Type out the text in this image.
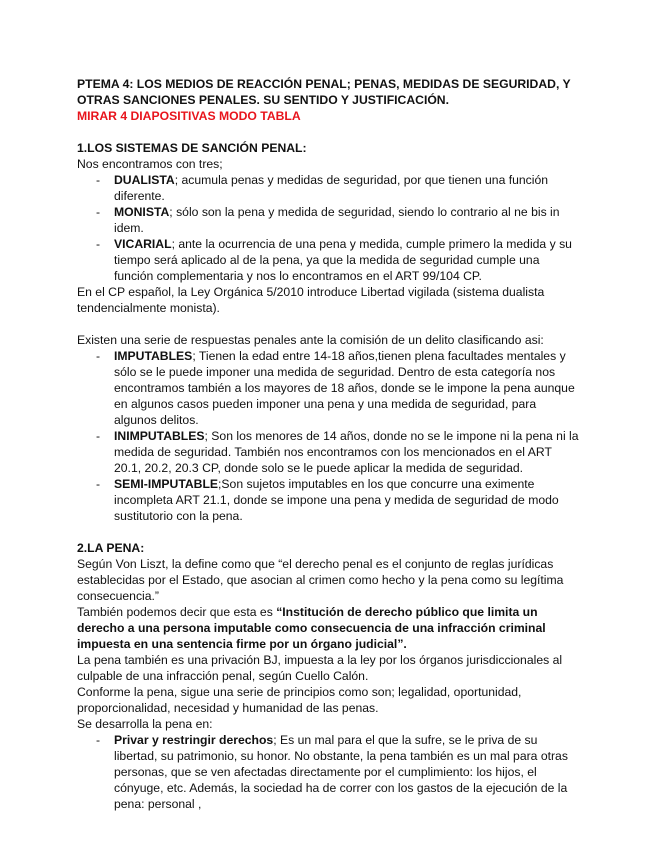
PTEMA 4: LOS MEDIOS DE REACCIÓN PENAL; PENAS, MEDIDAS DE SEGURIDAD, Y

OTRAS SANCIONES PENALES. SU SENTIDO Y JUSTIFICACIÓN.

MIRAR 4 DIAPOSITIVAS MODO TABLA

1.LOS SISTEMAS DE SANCIÓN PENAL:

Nos encontramos con tres;

- DUALISTA; acumula penas y medidas de seguridad, por que tienen una función diferente.
- MONISTA; sólo son la pena y medida de seguridad, siendo lo contrario al ne bis in idem.
- VICARIAL; ante la ocurrencia de una pena y medida, cumple primero la medida y su tiempo será aplicado al de la pena, ya que la medida de seguridad cumple una función complementaria y nos lo encontramos en el ART 99/104 CP.

En el CP español, la Ley Orgánica 5/2010 introduce Libertad vigilada (sistema dualista tendencialmente monista).

Existen una serie de respuestas penales ante la comisión de un delito clasificando asi:

- IMPUTABLES; Tienen la edad entre 14-18 años,tienen plena facultades mentales y sólo se le puede imponer una medida de seguridad. Dentro de esta categoría nos encontramos también a los mayores de 18 años, donde se le impone la pena aunque en algunos casos pueden imponer una pena y una medida de seguridad, para algunos delitos.
- INIMPUTABLES; Son los menores de 14 años, donde no se le impone ni la pena ni la medida de seguridad. También nos encontramos con los mencionados en el ART 20.1, 20.2, 20.3 CP, donde solo se le puede aplicar la medida de seguridad.
- SEMI-IMPUTABLE;Son sujetos imputables en los que concurre una eximente incompleta ART 21.1, donde se impone una pena y medida de seguridad de modo sustitutorio con la pena.

2.LA PENA:

Según Von Liszt, la define como que “el derecho penal es el conjunto de reglas jurídicas establecidas por el Estado, que asocian al crimen como hecho y la pena como su legítima consecuencia.”

También podemos decir que esta es “Institución de derecho público que limita un derecho a una persona imputable como consecuencia de una infracción criminal impuesta en una sentencia firme por un órgano judicial”.

La pena también es una privación BJ, impuesta a la ley por los órganos jurisdiccionales al culpable de una infracción penal, según Cuello Calón.

Conforme la pena, sigue una serie de principios como son; legalidad, oportunidad, proporcionalidad, necesidad y humanidad de las penas.

Se desarrolla la pena en:

- Privar y restringir derechos; Es un mal para el que la sufre, se le priva de su libertad, su patrimonio, su honor. No obstante, la pena también es un mal para otras personas, que se ven afectadas directamente por el cumplimiento: los hijos, el cónyuge, etc. Además, la sociedad ha de correr con los gastos de la ejecución de la pena: personal ,
